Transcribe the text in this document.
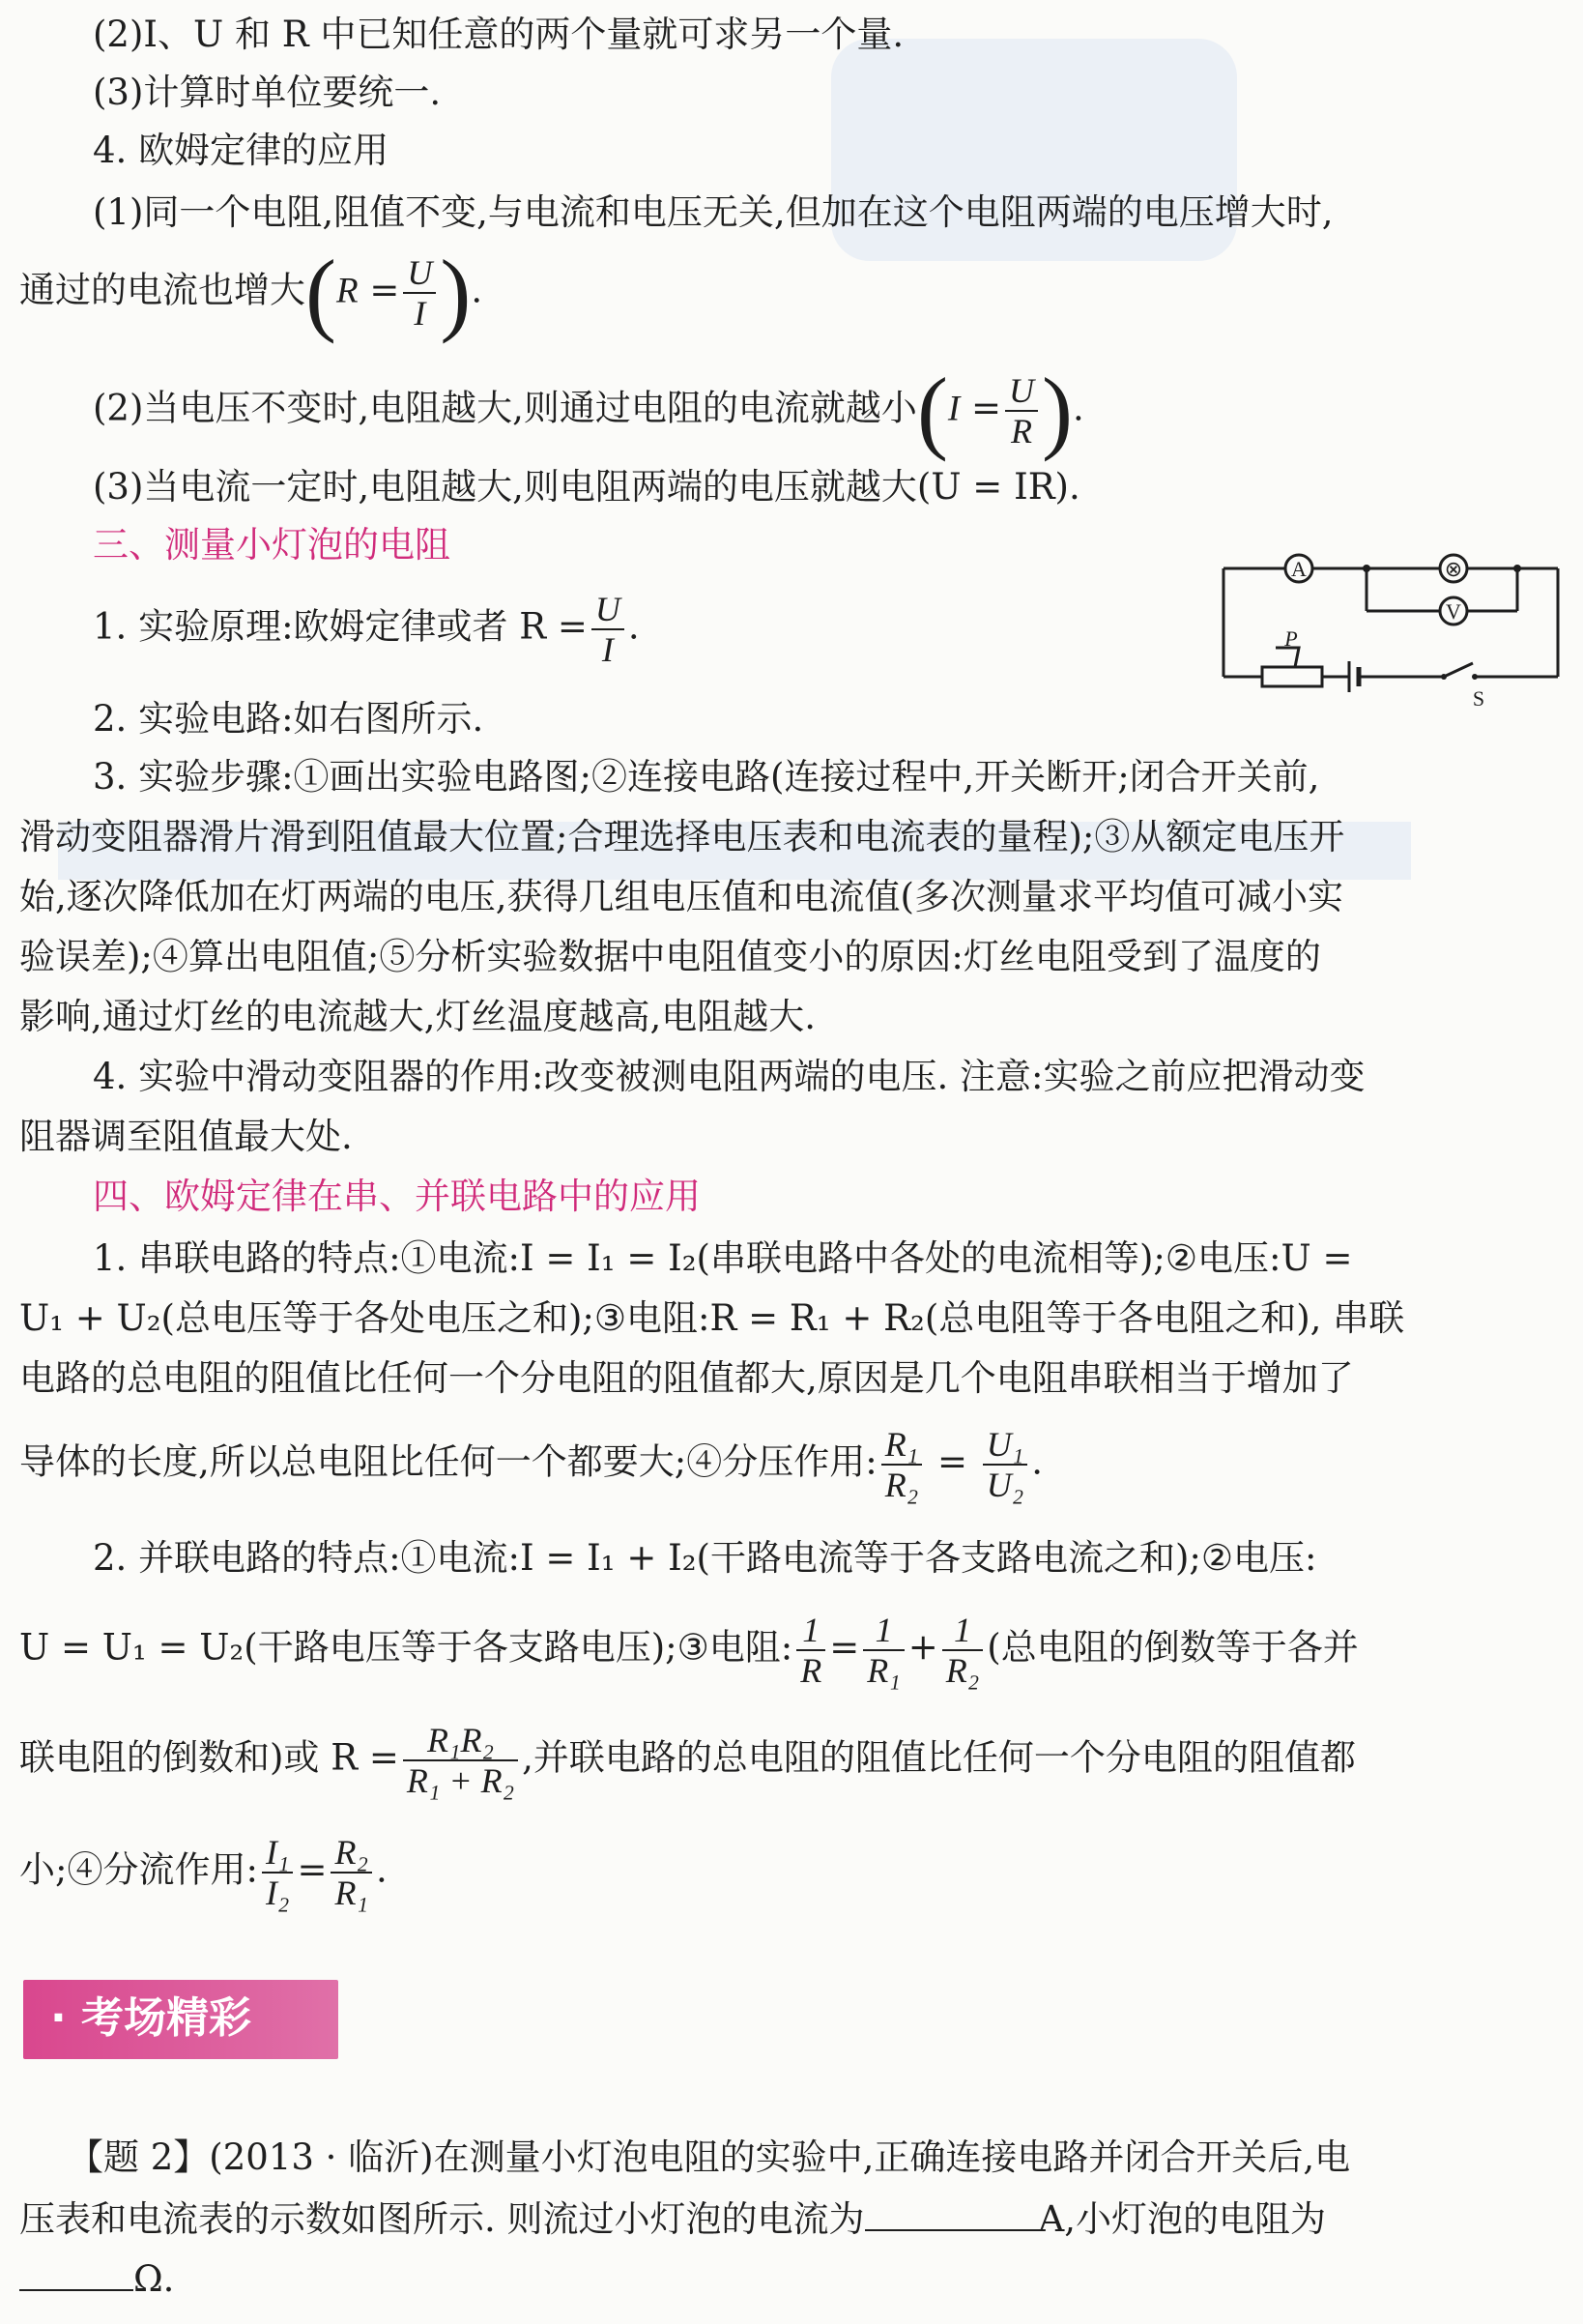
(2)I、U 和 R 中已知任意的两个量就可求另一个量.
(3)计算时单位要统一.
4. 欧姆定律的应用
(1)同一个电阻,阻值不变,与电流和电压无关,但加在这个电阻两端的电压增大时,
通过的电流也增大($R = \frac{U}{I}$ ).
(2)当电压不变时,电阻越大,则通过电阻的电流就越小($I = \frac{U}{R}$ ).
(3)当电流一定时,电阻越大,则电阻两端的电压就越大(U = IR).
三、测量小灯泡的电阻
1. 实验原理:欧姆定律或者 $R = \frac{U}{I}$ .
2. 实验电路:如右图所示.
3. 实验步骤:①画出实验电路图;②连接电路(连接过程中,开关断开;闭合开关前,
滑动变阻器滑片滑到阻值最大位置;合理选择电压表和电流表的量程);③从额定电压开
始,逐次降低加在灯两端的电压,获得几组电压值和电流值(多次测量求平均值可减小实
验误差);④算出电阻值;⑤分析实验数据中电阻值变小的原因:灯丝电阻受到了温度的
影响,通过灯丝的电流越大,灯丝温度越高,电阻越大.
4. 实验中滑动变阻器的作用:改变被测电阻两端的电压. 注意:实验之前应把滑动变
阻器调至阻值最大处.
四、欧姆定律在串、并联电路中的应用
1. 串联电路的特点:①电流:I = I₁ = I₂(串联电路中各处的电流相等);②电压:U =
U₁ + U₂(总电压等于各处电压之和);③电阻:R = R₁ + R₂(总电阻等于各电阻之和), 串联
电路的总电阻的阻值比任何一个分电阻的阻值都大,原因是几个电阻串联相当于增加了
导体的长度,所以总电阻比任何一个都要大;④分压作用: $\frac{\text{R₁}}{\text{R₂}} = \frac{\text{U₁}}{\text{U₂}}$ .
2. 并联电路的特点:①电流:I = I₁ + I₂(干路电流等于各支路电流之和);②电压:
U = U₁ = U₂(干路电压等于各支路电压);③电阻: $\frac{1}{R} = \frac{1}{\text{R₁}} + \frac{1}{\text{R₂}}$ (总电阻的倒数等于各并
联电阻的倒数和)或 $R = \frac{\text{R₁R₂}}{\text{R₁ + R₂}}$ ,并联电路的总电阻的阻值比任何一个分电阻的阻值都
小;④分流作用: $\frac{\text{I₁}}{\text{I₂}} = \frac{\text{R₂}}{\text{R₁}}$ .
· 考场精彩
【题 2】(2013 · 临沂)在测量小灯泡电阻的实验中,正确连接电路并闭合开关后,电
压表和电流表的示数如图所示. 则流过小灯泡的电流为	A,小灯泡的电阻为
Ω.
A	⊗
V
P
S
